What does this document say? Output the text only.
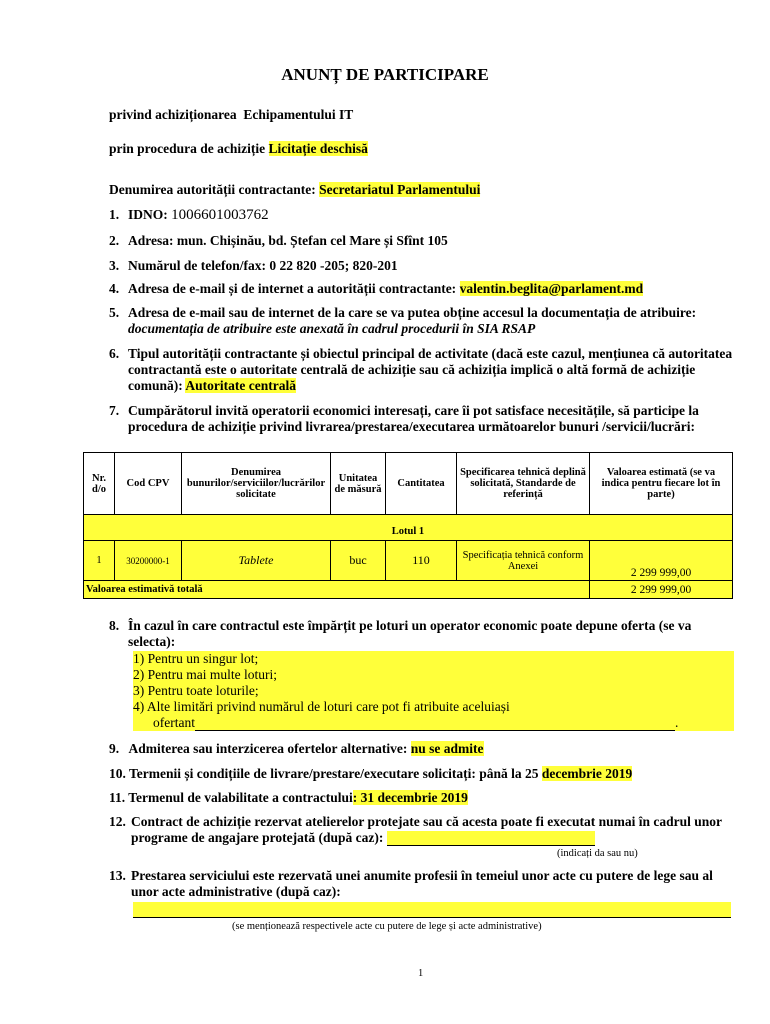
ANUNȚ DE PARTICIPARE
privind achiziționarea Echipamentului IT
prin procedura de achiziție Licitație deschisă
Denumirea autorității contractante: Secretariatul Parlamentului
1. IDNO: 1006601003762
2. Adresa: mun. Chișinău, bd. Ștefan cel Mare și Sfînt 105
3. Numărul de telefon/fax: 0 22 820 -205; 820-201
4. Adresa de e-mail și de internet a autorității contractante: valentin.beglita@parlament.md
5. Adresa de e-mail sau de internet de la care se va putea obține accesul la documentația de atribuire: documentația de atribuire este anexată în cadrul procedurii în SIA RSAP
6. Tipul autorității contractante și obiectul principal de activitate (dacă este cazul, mențiunea că autoritatea contractantă este o autoritate centrală de achiziție sau că achiziția implică o altă formă de achiziție comună): Autoritate centrală
7. Cumpărătorul invită operatorii economici interesați, care îi pot satisface necesitățile, să participe la procedura de achiziție privind livrarea/prestarea/executarea următoarelor bunuri /servicii/lucrări:
Nr. d/o	Cod CPV	Denumirea bunurilor/serviciilor/lucrărilor solicitate	Unitatea de măsură	Cantitatea	Specificarea tehnică deplină solicitată, Standarde de referință	Valoarea estimată (se va indica pentru fiecare lot în parte)
Lotul 1						
1	30200000-1	Tablete	buc	110	Specificația tehnică conform Anexei	2 299 999,00
Valoarea estimativă totală						2 299 999,00
8. În cazul în care contractul este împărțit pe loturi un operator economic poate depune oferta (se va selecta):
1) Pentru un singur lot;
2) Pentru mai multe loturi;
3) Pentru toate loturile;
4) Alte limitări privind numărul de loturi care pot fi atribuite aceluiași
ofertant	.
9. Admiterea sau interzicerea ofertelor alternative: nu se admite
10. Termenii și condițiile de livrare/prestare/executare solicitați: până la 25 decembrie 2019
11. Termenul de valabilitate a contractului: 31 decembrie 2019
12. Contract de achiziție rezervat atelierelor protejate sau că acesta poate fi executat numai în cadrul unor programe de angajare protejată (după caz):
(indicați da sau nu)
13. Prestarea serviciului este rezervată unei anumite profesii în temeiul unor acte cu putere de lege sau al unor acte administrative (după caz):
(se menționează respectivele acte cu putere de lege și acte administrative)
1
